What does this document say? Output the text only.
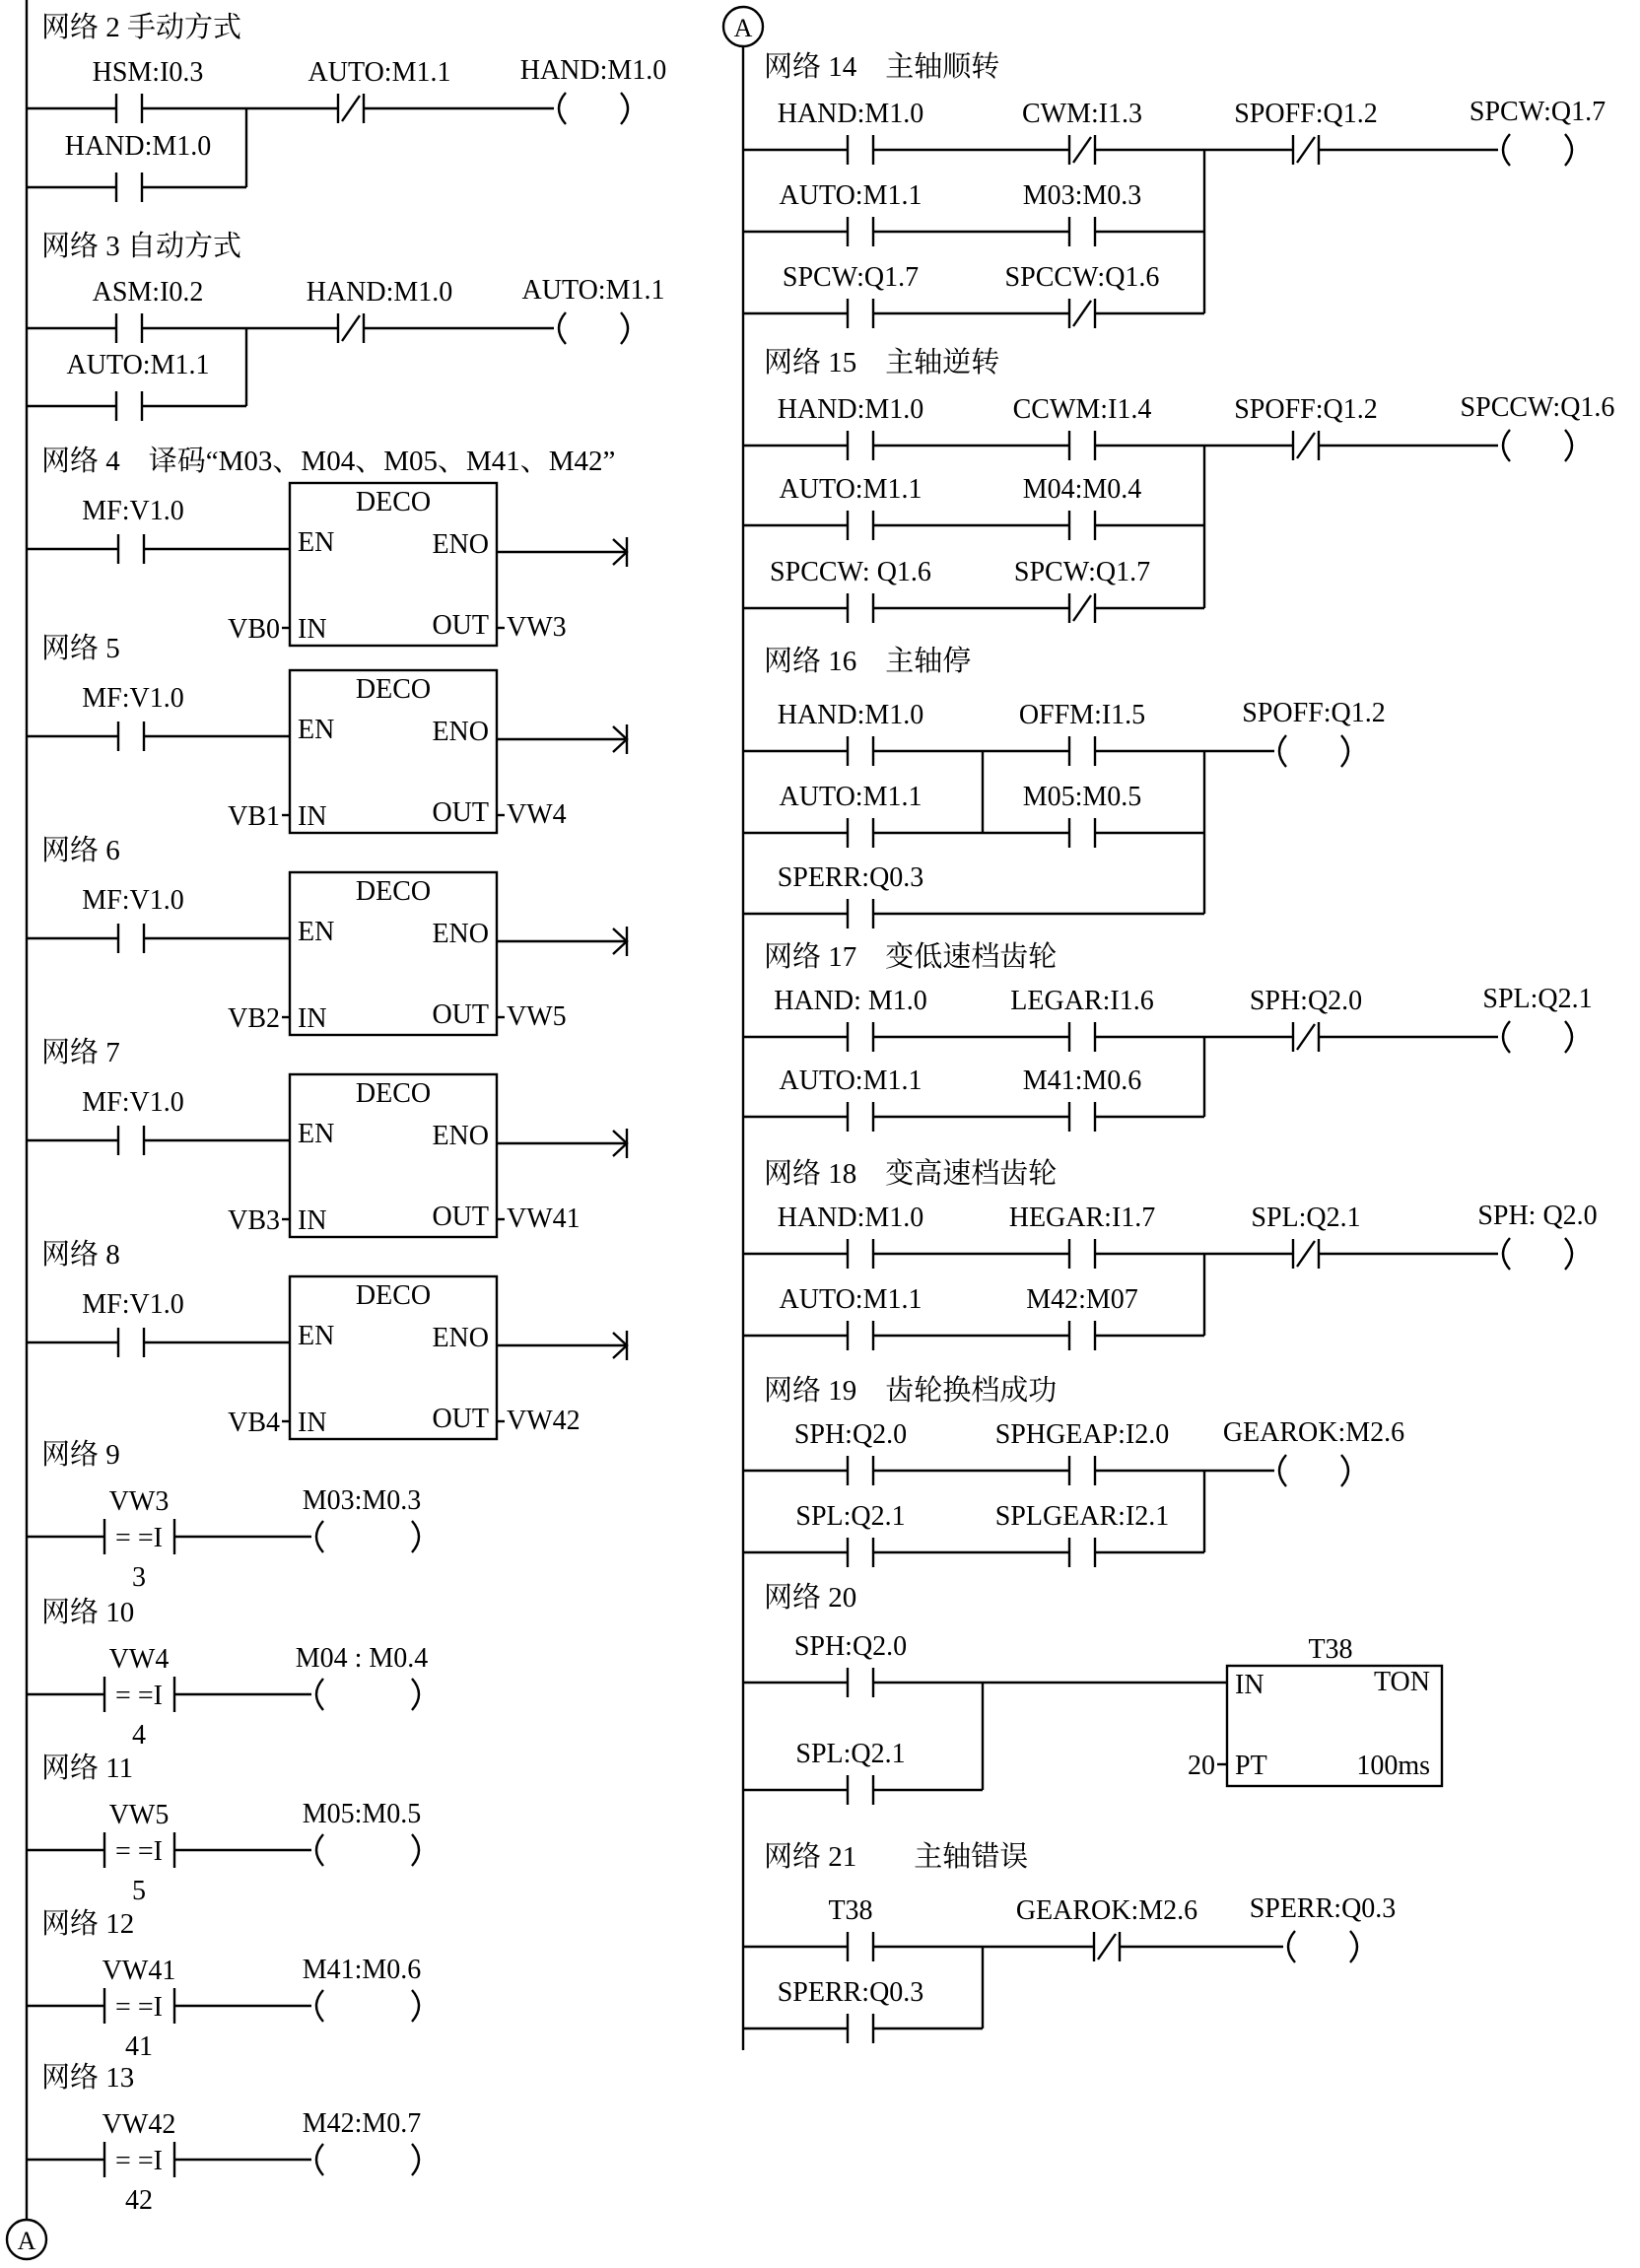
A
网络 2 手动方式
HSM:I0.3	AUTO:M1.1	HAND:M1.0
HAND:M1.0
网络 3 自动方式
ASM:I0.2	HAND:M1.0	AUTO:M1.1
AUTO:M1.1
网络 4　译码“M03、M04、M05、M41、M42”
MF:V1.0	DECO
EN	ENO
IN	OUT
VB0	VW3
网络 5
MF:V1.0	DECO
EN	ENO
IN	OUT
VB1	VW4
网络 6
MF:V1.0	DECO
EN	ENO
IN	OUT
VB2	VW5
网络 7
MF:V1.0	DECO
EN	ENO
IN	OUT
VB3	VW41
网络 8
MF:V1.0	DECO
EN	ENO
IN	OUT
VB4	VW42
网络 9
= =I
VW3
3
M03:M0.3
网络 10
= =I
VW4
4
M04 : M0.4
网络 11
= =I
VW5
5
M05:M0.5
网络 12
= =I
VW41
41
M41:M0.6
网络 13
= =I
VW42
42
M42:M0.7
A
网络 14　主轴顺转
HAND:M1.0	CWM:I1.3
AUTO:M1.1	M03:M0.3
SPCW:Q1.7	SPCCW:Q1.6
SPOFF:Q1.2	SPCW:Q1.7
网络 15　主轴逆转
HAND:M1.0	CCWM:I1.4
AUTO:M1.1	M04:M0.4
SPCCW: Q1.6	SPCW:Q1.7
SPOFF:Q1.2	SPCCW:Q1.6
网络 16　主轴停
HAND:M1.0
AUTO:M1.1
SPERR:Q0.3
OFFM:I1.5
M05:M0.5
SPOFF:Q1.2
网络 17　变低速档齿轮
HAND: M1.0	LEGAR:I1.6
AUTO:M1.1	M41:M0.6
SPH:Q2.0	SPL:Q2.1
网络 18　变高速档齿轮
HAND:M1.0	HEGAR:I1.7
AUTO:M1.1	M42:M07
SPL:Q2.1	SPH: Q2.0
网络 19　齿轮换档成功
SPH:Q2.0	SPHGEAP:I2.0
SPL:Q2.1	SPLGEAR:I2.1
GEAROK:M2.6
网络 20
SPH:Q2.0
SPL:Q2.1
T38
IN	TON
20 PT	100ms
网络 21　　主轴错误
T38
SPERR:Q0.3
GEAROK:M2.6 SPERR:Q0.3
